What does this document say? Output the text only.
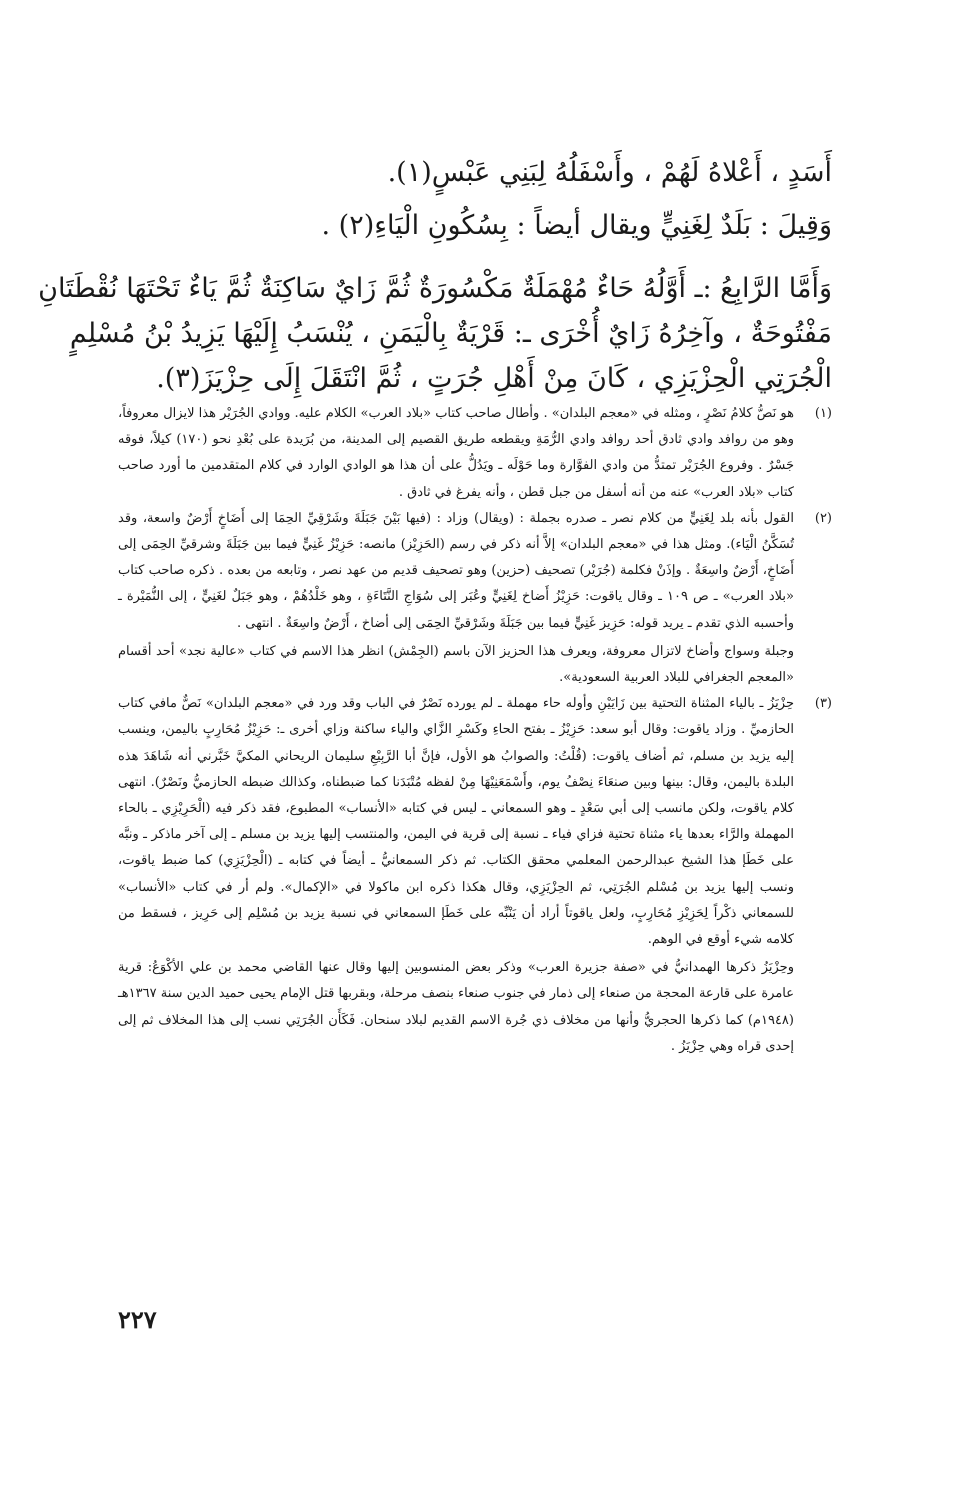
أَسَدٍ ، أَعْلاهُ لَهُمْ ، وأَسْفَلُهُ لِبَنِي عَبْسٍ(١).
وَقِيلَ : بَلَدٌ لِغَنِيٍّ ويقال أيضاً : بِسُكُونِ الْيَاءِ(٢) .
وَأَمَّا الرَّابِعُ :ـ أَوَّلُهُ حَاءٌ مُهْمَلَةٌ مَكْسُورَةٌ ثُمَّ زَايٌ سَاكِنَةٌ ثُمَّ يَاءٌ تَحْتَهَا نُقْطَتَانِ
مَفْتُوحَةٌ ، وآخِرُهُ زَايٌ أُخْرَى ـ: قَرْيَةٌ بِالْيَمَنِ ، يُنْسَبُ إِلَيْهَا يَزِيدُ بْنُ مُسْلِمٍ
الْجُرَتِي الْحِزْيَزِي ، كَانَ مِنْ أَهْلِ جُرَتٍ ، ثُمَّ انْتَقَلَ إِلَى حِزْيَزَ(٣).
(١)

هو نَصُّ كلامُ نَصْرٍ ، ومثله في «معجم البلدان» . وأطال صاحب كتاب «بلاد العرب» الكلام عليه. ووادي الجُرَيْر هذا لايزال معروفاً، وهو من روافد وادي ثادق أحد روافد وادي الرُّمَةِ ويقطعه طريق القصيم إلى المدينة، من بُرَيدة على بُعْدِ نحو (١٧٠) كيلاً، فوقه جَسْرٌ . وفروع الجُرَيْر تمتدُّ من وادي الفوَّارة وما حَوْلَه ـ ويَدُلُّ على أن هذا هو الوادي الوارد في كلام المتقدمين ما أورد صاحب كتاب «بلاد العرب» عنه من أنه أسفل من جبل قطن ، وأنه يفرغ في ثادق .

(٢)

القول بأنه بلد لِغَنِيٍّ من كلام نصر ـ صدره بجملة : (ويقال) وزاد : (فيها بَيْنَ جَبَلَةَ وشَرْقِيِّ الحِمَا إلى أَضَاخٍ أَرْضٌ واسعة، وقد تُسَكَّنُ الْيَاء). ومثل هذا في «معجم البلدان» إلاَّ أنه ذكر في رسم (الحَزِيْز) مانصه: حَزِيْزُ غَنِيٍّ فيما بين جَبَلَةَ وشرقيِّ الحِمَى إلى أَضَاخٍ، أَرْضٌ واسِعَةٌ . وإذَنْ فكلمة (جُرَيْر) تصحيف (حزين) وهو تصحيف قديم من عهد نصر ، وتابعه من بعده . ذكره صاحب كتاب «بلاد العرب» ـ ص ١٠٩ ـ وقال ياقوت: حَزِيْزُ أَضاخ لِغَنِيٍّ وعُبَر إلى سُوَاجِ النَّتَاءَةِ ، وهو خَلْدُهُمْ ، وهو جَبَلٌ لغَنِيٍّ ، إلى النُّمَيْرة ـ وأحسبه الذي تقدم ـ يريد قوله: حَزِيز غَنِيٍّ فيما بين جَبَلَةَ وشَرْقيِّ الحِمَى إلى أضاخ ، أَرْضٌ واسِعَةٌ . انتهى .

وجبلة وسواج وأضاخ لاتزال معروفة، ويعرف هذا الحزيز الآن باسم (الجِمْش) انظر هذا الاسم في كتاب «عالية نجد» أحد أقسام «المعجم الجغرافي للبلاد العربية السعودية».

(٣)

حِزْيَزُ ـ بالياء المثناة التحتية بين زَايَيْنِ وأوله حاء مهملة ـ لم يورده نَصْرٌ في الباب وقد ورد في «معجم البلدان» نَصٌّ مافي كتاب الحازميِّ . وزاد ياقوت: وقال أبو سعد: حَزِيْزُ ـ بفتح الحاءِ وكَسْرِ الزَّاي والياء ساكنة وزاي أخرى ـ: حَزِيْزُ مُحَارِبٍ باليمن، وينسب إليه يزيد بن مسلم، ثم أضاف ياقوت: (قُلْتُ: والصوابُ هو الأول، فإنَّ أبا الرَّبِيْعِ سليمان الريحاني المكيَّ خَبَّرني أنه شَاهَدَ هذه البلدة باليمن، وقال: بينها وبين صنعَاءَ نِصْفُ يوم، وأَسْمَعَنِيْهَا مِنْ لفظه مُتْبَدَنا كما ضبطناه، وكذالك ضبطه الحازميُّ ونَصْرٌ). انتهى كلام ياقوت، ولكن مانسب إلى أبي سَعْدٍ ـ وهو السمعاني ـ ليس في كتابه «الأنساب» المطبوع، فقد ذكر فيه (الْحَرِيْزِي ـ بالحاء المهملة والرَّاء بعدها ياء مثناة تحتية فزاي فياء ـ نسبة إلى قرية في اليمن، والمنتسب إليها يزيد بن مسلم ـ إلى آخر ماذكر ـ ونبَّه على خَطَإ هذا الشيخ عبدالرحمن المعلمي محقق الكتاب. ثم ذكر السمعانيُّ ـ أيضاً في كتابه ـ (الْحِزْيَزِي) كما ضبط ياقوت، ونسب إليها يزيد بن مُسْلم الجُرَتِي، ثم الحِزْيَزِي، وقال هكذا ذكره ابن ماكولا في «الإكمال». ولم أر في كتاب «الأنساب» للسمعاني ذكْراً لِحَزِيْزِ مُحَارِبٍ، ولعل ياقوتاً أراد أن يَنْبِّه على خَطَإ السمعاني في نسبة يزيد بن مُسْلِم إلى حَرِيز ، فسقط من كلامه شيء أوقع في الوهم.

وحِزْيَزُ ذكرها الهمدانيُّ في «صفة جزيرة العرب» وذكر بعض المنسوبين إليها وقال عنها القاضي محمد بن علي الأكْوَعُ: قرية عامرة على قارعة المحجة من صنعاء إلى ذمار في جنوب صنعاء بنصف مرحلة، وبقربها قتل الإمام يحيى حميد الدين سنة ١٣٦٧هـ (١٩٤٨م) كما ذكرها الحجريُّ وأنها من مخلاف ذي جُرة الاسم القديم لبلاد سنحان. فَكَأَن الجُرَتِي نسب إلى هذا المخلاف ثم إلى إحدى قراه وهي حِزْيَزُ .

٢٢٧
